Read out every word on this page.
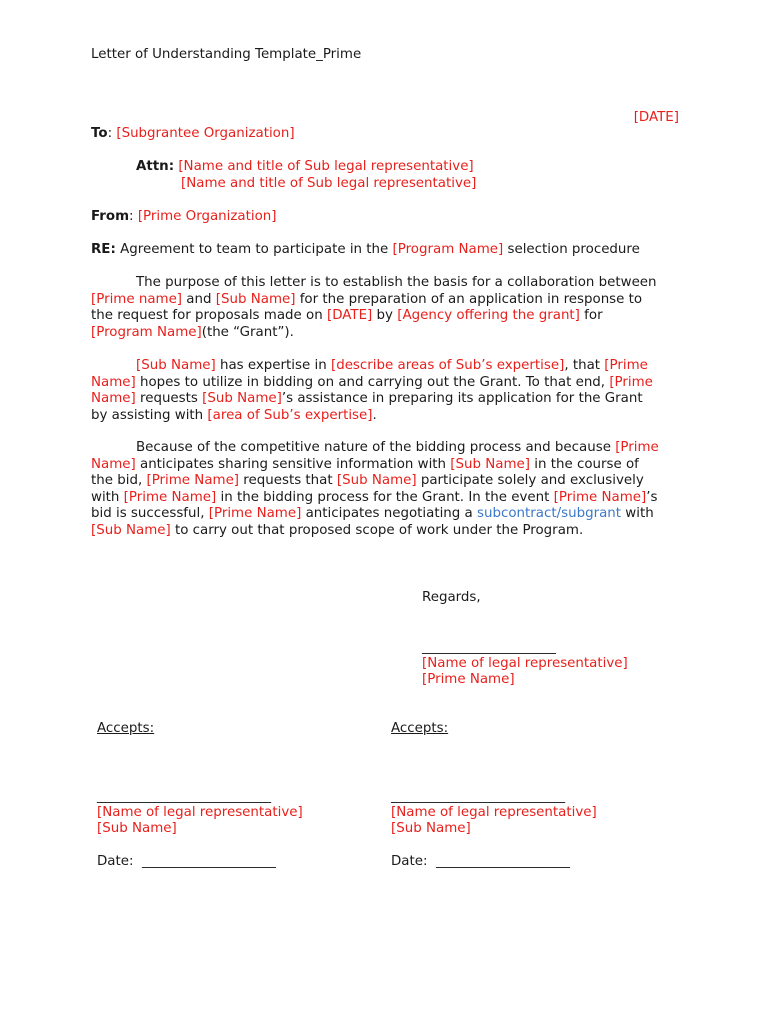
Letter of Understanding Template_Prime
[DATE]
To: [Subgrantee Organization]
Attn: [Name and title of Sub legal representative]
[Name and title of Sub legal representative]
From: [Prime Organization]
RE: Agreement to team to participate in the [Program Name] selection procedure

The purpose of this letter is to establish the basis for a collaboration between

[Prime name] and [Sub Name] for the preparation of an application in response to

the request for proposals made on [DATE] by [Agency offering the grant] for

[Program Name](the “Grant”).

[Sub Name] has expertise in [describe areas of Sub’s expertise], that [Prime

Name] hopes to utilize in bidding on and carrying out the Grant. To that end, [Prime

Name] requests [Sub Name]’s assistance in preparing its application for the Grant

by assisting with [area of Sub’s expertise].

Because of the competitive nature of the bidding process and because [Prime

Name] anticipates sharing sensitive information with [Sub Name] in the course of

the bid, [Prime Name] requests that [Sub Name] participate solely and exclusively

with [Prime Name] in the bidding process for the Grant. In the event [Prime Name]’s

bid is successful, [Prime Name] anticipates negotiating a subcontract/subgrant with

[Sub Name] to carry out that proposed scope of work under the Program.

Regards,
____________________
[Name of legal representative]
[Prime Name]
Accepts:
__________________________
[Name of legal representative]
[Sub Name]
Date: ____________________
Accepts:
__________________________
[Name of legal representative]
[Sub Name]
Date: ____________________
